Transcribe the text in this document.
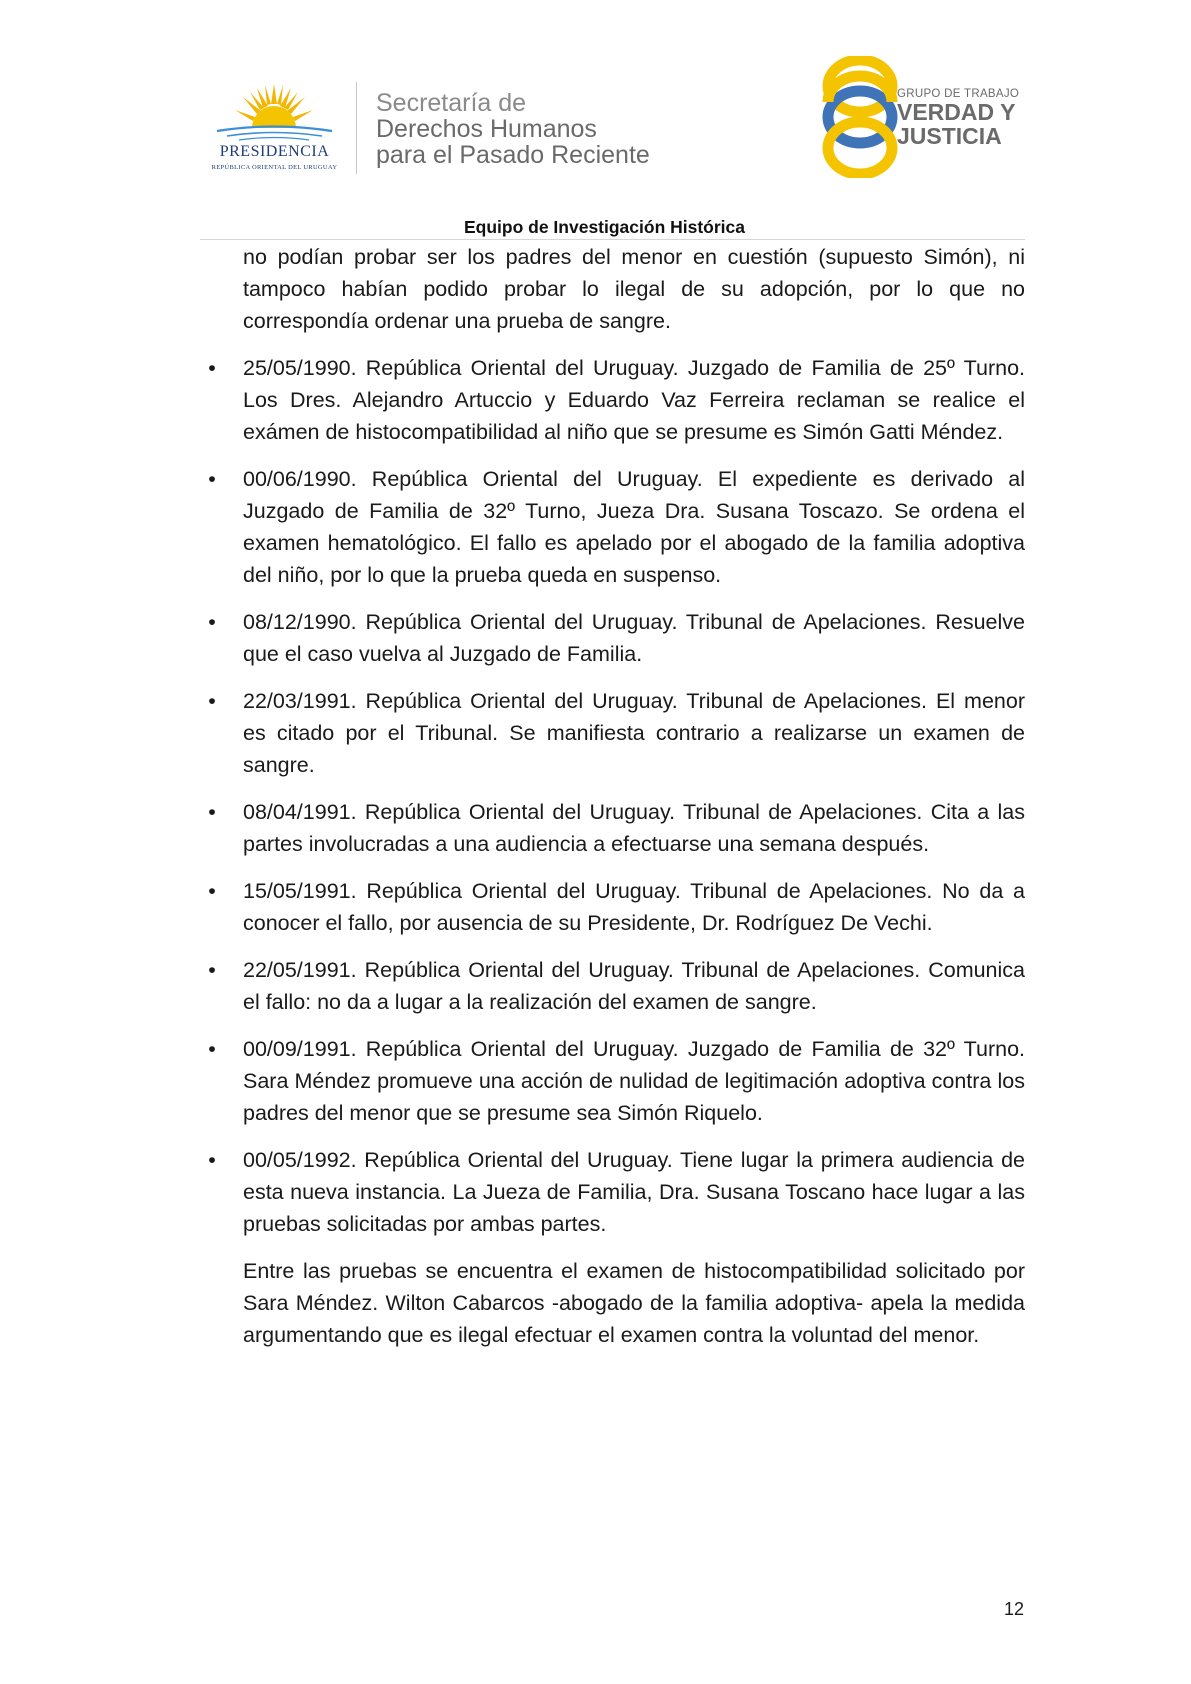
PRESIDENCIA
REPÚBLICA ORIENTAL DEL URUGUAY
Secretaría de
Derechos Humanos
para el Pasado Reciente
GRUPO DE TRABAJO
VERDAD Y
JUSTICIA
Equipo de Investigación Histórica

no podían probar ser los padres del menor en cuestión (supuesto Simón), ni tampoco habían podido probar lo ilegal de su adopción, por lo que no correspondía ordenar una prueba de sangre.

• 25/05/1990. República Oriental del Uruguay. Juzgado de Familia de 25º Turno. Los Dres. Alejandro Artuccio y Eduardo Vaz Ferreira reclaman se realice el exámen de histocompatibilidad al niño que se presume es Simón Gatti Méndez.
• 00/06/1990. República Oriental del Uruguay. El expediente es derivado al Juzgado de Familia de 32º Turno, Jueza Dra. Susana Toscazo. Se ordena el examen hematológico. El fallo es apelado por el abogado de la familia adoptiva del niño, por lo que la prueba queda en suspenso.
• 08/12/1990. República Oriental del Uruguay. Tribunal de Apelaciones. Resuelve que el caso vuelva al Juzgado de Familia.
• 22/03/1991. República Oriental del Uruguay. Tribunal de Apelaciones. El menor es citado por el Tribunal. Se manifiesta contrario a realizarse un examen de sangre.
• 08/04/1991. República Oriental del Uruguay. Tribunal de Apelaciones. Cita a las partes involucradas a una audiencia a efectuarse una semana después.
• 15/05/1991. República Oriental del Uruguay. Tribunal de Apelaciones. No da a conocer el fallo, por ausencia de su Presidente, Dr. Rodríguez De Vechi.
• 22/05/1991. República Oriental del Uruguay. Tribunal de Apelaciones. Comunica el fallo: no da a lugar a la realización del examen de sangre.
• 00/09/1991. República Oriental del Uruguay. Juzgado de Familia de 32º Turno. Sara Méndez promueve una acción de nulidad de legitimación adoptiva contra los padres del menor que se presume sea Simón Riquelo.
• 00/05/1992. República Oriental del Uruguay. Tiene lugar la primera audiencia de esta nueva instancia. La Jueza de Familia, Dra. Susana Toscano hace lugar a las pruebas solicitadas por ambas partes.

Entre las pruebas se encuentra el examen de histocompatibilidad solicitado por Sara Méndez. Wilton Cabarcos -abogado de la familia adoptiva- apela la medida argumentando que es ilegal efectuar el examen contra la voluntad del menor.

12
